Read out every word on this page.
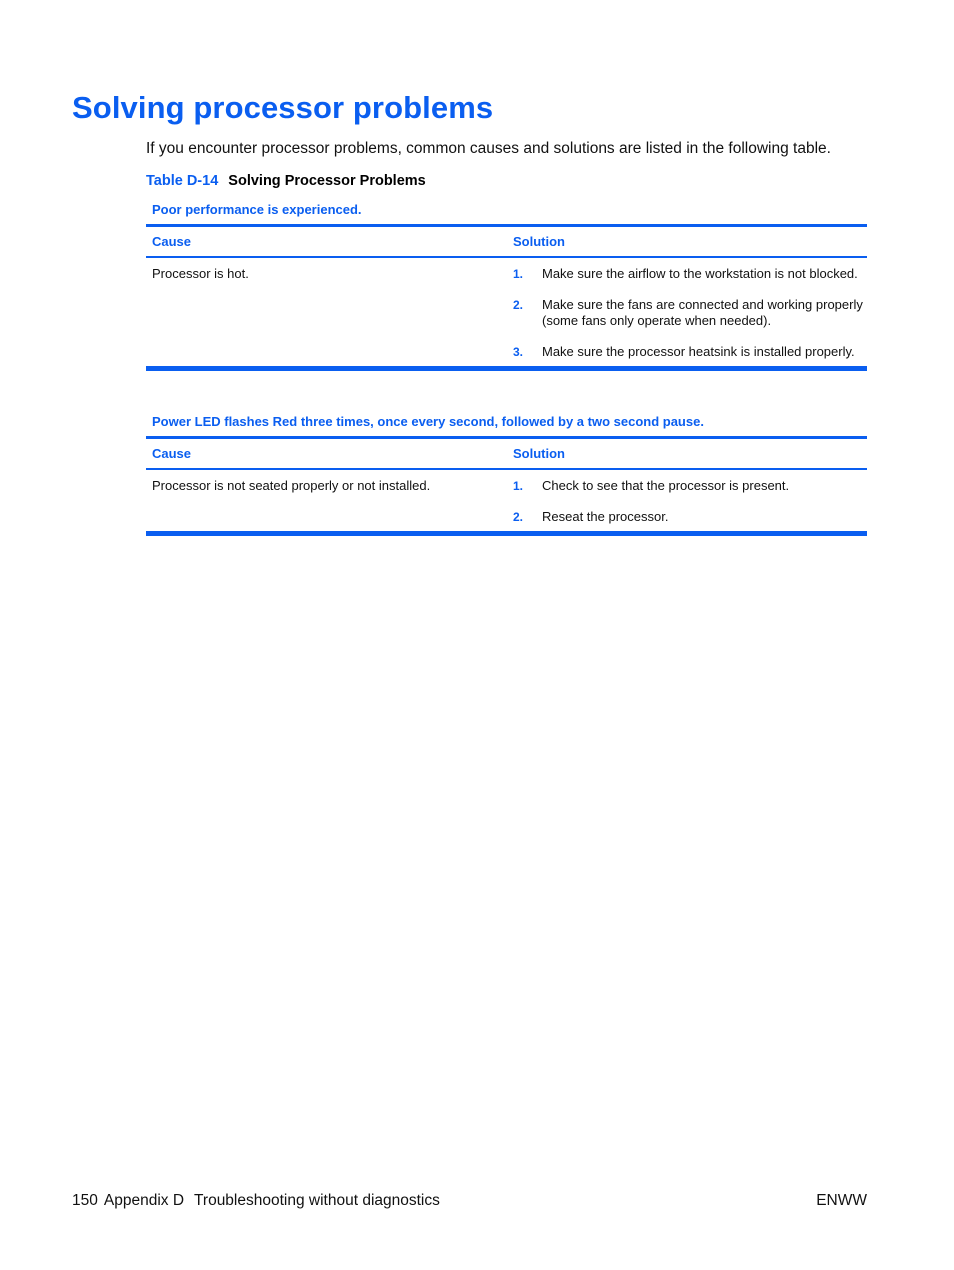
Solving processor problems

If you encounter processor problems, common causes and solutions are listed in the following table.

Table D-14 Solving Processor Problems
Poor performance is experienced.
Cause	Solution
Processor is hot.	1.	Make sure the airflow to the workstation is not blocked.
2.	Make sure the fans are connected and working properly (some fans only operate when needed).
3.	Make sure the processor heatsink is installed properly.
Power LED flashes Red three times, once every second, followed by a two second pause.
Cause	Solution
Processor is not seated properly or not installed.	1.	Check to see that the processor is present.
2.	Reseat the processor.
150 Appendix D Troubleshooting without diagnostics	ENWW
